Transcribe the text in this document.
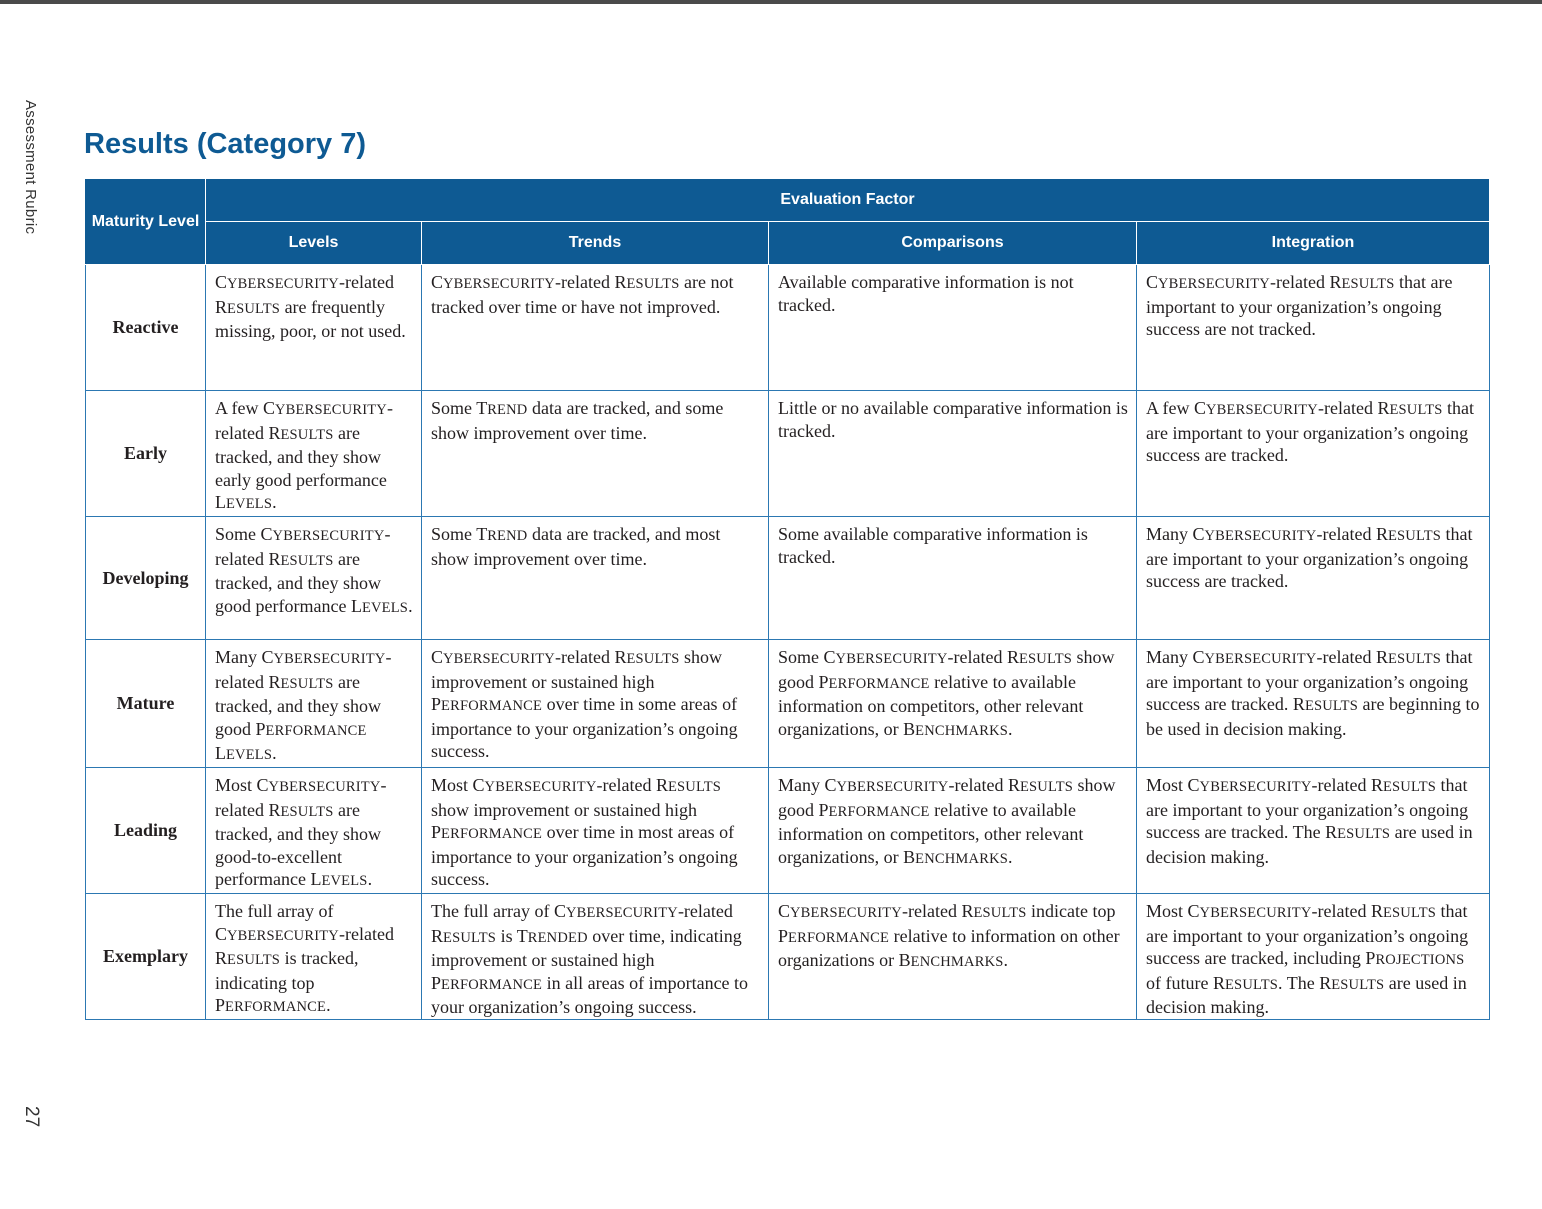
Assessment Rubric
27
Results (Category 7)
Maturity Level	Evaluation Factor			
	Levels	Trends	Comparisons	Integration
Reactive	CYBERSECURITY-related RESULTS are frequently missing, poor, or not used.	CYBERSECURITY-related RESULTS are not tracked over time or have not improved.	Available comparative information is not tracked.	CYBERSECURITY-related RESULTS that are important to your organization’s ongoing success are not tracked.
Early	A few CYBERSECURITY-related RESULTS are tracked, and they show early good performance LEVELS.	Some TREND data are tracked, and some show improvement over time.	Little or no available comparative information is tracked.	A few CYBERSECURITY-related RESULTS that are important to your organization’s ongoing success are tracked.
Developing	Some CYBERSECURITY-related RESULTS are tracked, and they show good performance LEVELS.	Some TREND data are tracked, and most show improvement over time.	Some available comparative information is tracked.	Many CYBERSECURITY-related RESULTS that are important to your organization’s ongoing success are tracked.
Mature	Many CYBERSECURITY-related RESULTS are tracked, and they show good PERFORMANCE LEVELS.	CYBERSECURITY-related RESULTS show improvement or sustained high PERFORMANCE over time in some areas of importance to your organization’s ongoing success.	Some CYBERSECURITY-related RESULTS show good PERFORMANCE relative to available information on competitors, other relevant organizations, or BENCHMARKS.	Many CYBERSECURITY-related RESULTS that are important to your organization’s ongoing success are tracked. RESULTS are beginning to be used in decision making.
Leading	Most CYBERSECURITY-related RESULTS are tracked, and they show good-to-excellent performance LEVELS.	Most CYBERSECURITY-related RESULTS show improvement or sustained high PERFORMANCE over time in most areas of importance to your organization’s ongoing success.	Many CYBERSECURITY-related RESULTS show good PERFORMANCE relative to available information on competitors, other relevant organizations, or BENCHMARKS.	Most CYBERSECURITY-related RESULTS that are important to your organization’s ongoing success are tracked. The RESULTS are used in decision making.
Exemplary	The full array of CYBERSECURITY-related RESULTS is tracked, indicating top PERFORMANCE.	The full array of CYBERSECURITY-related RESULTS is TRENDED over time, indicating improvement or sustained high PERFORMANCE in all areas of importance to your organization’s ongoing success.	CYBERSECURITY-related RESULTS indicate top PERFORMANCE relative to information on other organizations or BENCHMARKS.	Most CYBERSECURITY-related RESULTS that are important to your organization’s ongoing success are tracked, including PROJECTIONS of future RESULTS. The RESULTS are used in decision making.
